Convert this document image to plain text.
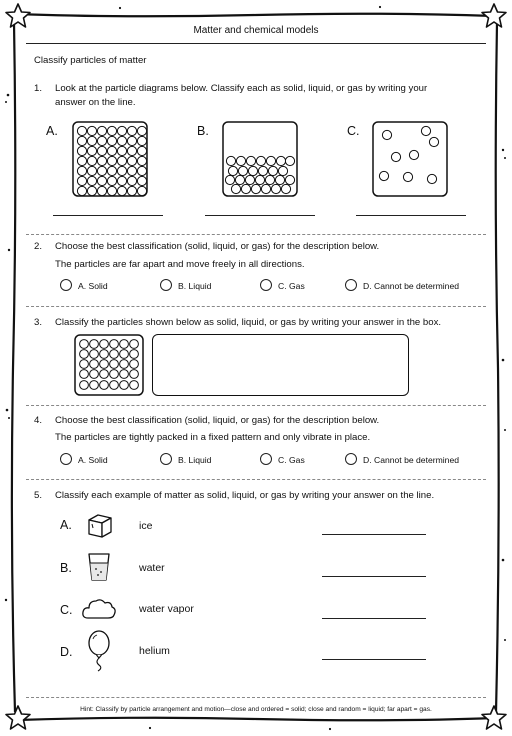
Matter and chemical models
Classify particles of matter
1. Look at the particle diagrams below. Classify each as solid, liquid, or gas by writing your
answer on the line.
A.	B.	C.
2. Choose the best classification (solid, liquid, or gas) for the description below.
The particles are far apart and move freely in all directions.
A. Solid	B. Liquid	C. Gas	D. Cannot be determined
3. Classify the particles shown below as solid, liquid, or gas by writing your answer in the box.
4. Choose the best classification (solid, liquid, or gas) for the description below.
The particles are tightly packed in a fixed pattern and only vibrate in place.
A. Solid	B. Liquid	C. Gas	D. Cannot be determined
5. Classify each example of matter as solid, liquid, or gas by writing your answer on the line.
A.	ice
B.	water
C.	water vapor
D.	helium
Hint: Classify by particle arrangement and motion—close and ordered = solid; close and random = liquid; far apart = gas.
